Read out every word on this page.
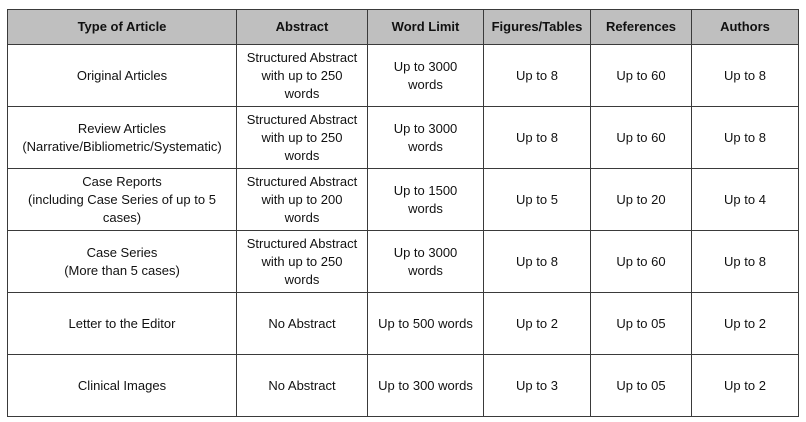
Type of Article	Abstract	Word Limit	Figures/Tables	References	Authors

Original Articles	Structured Abstract
with up to 250
words	Up to 3000
words	Up to 8	Up to 60	Up to 8

Review Articles
(Narrative/Bibliometric/Systematic)	Structured Abstract
with up to 250
words	Up to 3000
words	Up to 8	Up to 60	Up to 8

Case Reports
(including Case Series of up to 5
cases)	Structured Abstract
with up to 200
words	Up to 1500
words	Up to 5	Up to 20	Up to 4

Case Series
(More than 5 cases)	Structured Abstract
with up to 250
words	Up to 3000
words	Up to 8	Up to 60	Up to 8

Letter to the Editor	No Abstract	Up to 500 words	Up to 2	Up to 05	Up to 2

Clinical Images	No Abstract	Up to 300 words	Up to 3	Up to 05	Up to 2
